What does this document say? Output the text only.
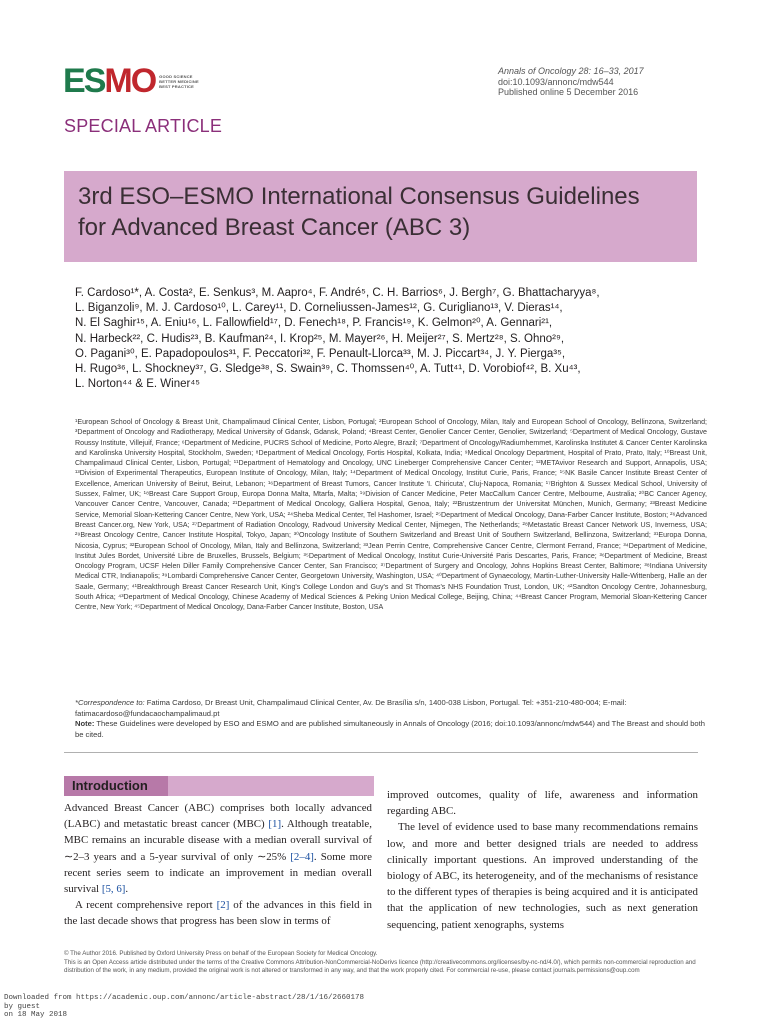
ESMO GOOD SCIENCE
BETTER MEDICINE
BEST PRACTICE
Annals of Oncology 28: 16–33, 2017
doi:10.1093/annonc/mdw544
Published online 5 December 2016
SPECIAL ARTICLE
3rd ESO–ESMO International Consensus Guidelines
for Advanced Breast Cancer (ABC 3)
F. Cardoso¹*, A. Costa², E. Senkus³, M. Aapro⁴, F. André⁵, C. H. Barrios⁶, J. Bergh⁷, G. Bhattacharyya⁸,
L. Biganzoli⁹, M. J. Cardoso¹⁰, L. Carey¹¹, D. Corneliussen-James¹², G. Curigliano¹³, V. Dieras¹⁴,
N. El Saghir¹⁵, A. Eniu¹⁶, L. Fallowfield¹⁷, D. Fenech¹⁸, P. Francis¹⁹, K. Gelmon²⁰, A. Gennari²¹,
N. Harbeck²², C. Hudis²³, B. Kaufman²⁴, I. Krop²⁵, M. Mayer²⁶, H. Meijer²⁷, S. Mertz²⁸, S. Ohno²⁹,
O. Pagani³⁰, E. Papadopoulos³¹, F. Peccatori³², F. Penault-Llorca³³, M. J. Piccart³⁴, J. Y. Pierga³⁵,
H. Rugo³⁶, L. Shockney³⁷, G. Sledge³⁸, S. Swain³⁹, C. Thomssen⁴⁰, A. Tutt⁴¹, D. Vorobiof⁴², B. Xu⁴³,
L. Norton⁴⁴ & E. Winer⁴⁵
¹European School of Oncology & Breast Unit, Champalimaud Clinical Center, Lisbon, Portugal; ²European School of Oncology, Milan, Italy and European School of Oncology, Bellinzona, Switzerland; ³Department of Oncology and Radiotherapy, Medical University of Gdansk, Gdansk, Poland; ⁴Breast Center, Genolier Cancer Center, Genolier, Switzerland; ⁵Department of Medical Oncology, Gustave Roussy Institute, Villejuif, France; ⁶Department of Medicine, PUCRS School of Medicine, Porto Alegre, Brazil; ⁷Department of Oncology/Radiumhemmet, Karolinska Institutet & Cancer Center Karolinska and Karolinska University Hospital, Stockholm, Sweden; ⁸Department of Medical Oncology, Fortis Hospital, Kolkata, India; ⁹Medical Oncology Department, Hospital of Prato, Prato, Italy; ¹⁰Breast Unit, Champalimaud Clinical Center, Lisbon, Portugal; ¹¹Department of Hematology and Oncology, UNC Lineberger Comprehensive Cancer Center; ¹²METAvivor Research and Support, Annapolis, USA; ¹³Division of Experimental Therapeutics, European Institute of Oncology, Milan, Italy; ¹⁴Department of Medical Oncology, Institut Curie, Paris, France; ¹⁵NK Basile Cancer Institute Breast Center of Excellence, American University of Beirut, Beirut, Lebanon; ¹⁶Department of Breast Tumors, Cancer Institute 'I. Chiricuta', Cluj-Napoca, Romania; ¹⁷Brighton & Sussex Medical School, University of Sussex, Falmer, UK; ¹⁸Breast Care Support Group, Europa Donna Malta, Mtarfa, Malta; ¹⁹Division of Cancer Medicine, Peter MacCallum Cancer Centre, Melbourne, Australia; ²⁰BC Cancer Agency, Vancouver Cancer Centre, Vancouver, Canada; ²¹Department of Medical Oncology, Galliera Hospital, Genoa, Italy; ²²Brustzentrum der Universitat München, Munich, Germany; ²³Breast Medicine Service, Memorial Sloan-Kettering Cancer Centre, New York, USA; ²⁴Sheba Medical Center, Tel Hashomer, Israel; ²⁵Department of Medical Oncology, Dana-Farber Cancer Institute, Boston; ²⁶Advanced Breast Cancer.org, New York, USA; ²⁷Department of Radiation Oncology, Radvoud University Medical Center, Nijmegen, The Netherlands; ²⁸Metastatic Breast Cancer Network US, Inverness, USA; ²⁹Breast Oncology Centre, Cancer Institute Hospital, Tokyo, Japan; ³⁰Oncology Institute of Southern Switzerland and Breast Unit of Southern Switzerland, Bellinzona, Switzerland; ³¹Europa Donna, Nicosia, Cyprus; ³²European School of Oncology, Milan, Italy and Bellinzona, Switzerland; ³³Jean Perrin Centre, Comprehensive Cancer Centre, Clermont Ferrand, France; ³⁴Department of Medicine, Institut Jules Bordet, Université Libre de Bruxelles, Brussels, Belgium; ³⁵Department of Medical Oncology, Institut Curie-Université Paris Descartes, Paris, France; ³⁶Department of Medicine, Breast Oncology Program, UCSF Helen Diller Family Comprehensive Cancer Center, San Francisco; ³⁷Department of Surgery and Oncology, Johns Hopkins Breast Center, Baltimore; ³⁸Indiana University Medical CTR, Indianapolis; ³⁹Lombardi Comprehensive Cancer Center, Georgetown University, Washington, USA; ⁴⁰Department of Gynaecology, Martin-Luther-University Halle-Wittenberg, Halle an der Saale, Germany; ⁴¹Breakthrough Breast Cancer Research Unit, King's College London and Guy's and St Thomas's NHS Foundation Trust, London, UK; ⁴²Sandton Oncology Centre, Johannesburg, South Africa; ⁴³Department of Medical Oncology, Chinese Academy of Medical Sciences & Peking Union Medical College, Beijing, China; ⁴⁴Breast Cancer Program, Memorial Sloan-Kettering Cancer Centre, New York; ⁴⁵Department of Medical Oncology, Dana-Farber Cancer Institute, Boston, USA
*Correspondence to: Fatima Cardoso, Dr Breast Unit, Champalimaud Clinical Center, Av. De Brasília s/n, 1400-038 Lisbon, Portugal. Tel: +351-210-480-004; E-mail: fatimacardoso@fundacaochampalimaud.pt
Note: These Guidelines were developed by ESO and ESMO and are published simultaneously in Annals of Oncology (2016; doi:10.1093/annonc/mdw544) and The Breast and should both be cited.
Introduction

Advanced Breast Cancer (ABC) comprises both locally advanced (LABC) and metastatic breast cancer (MBC) [1]. Although treatable, MBC remains an incurable disease with a median overall survival of ∼2–3 years and a 5-year survival of only ∼25% [2–4]. Some more recent series seem to indicate an improvement in median overall survival [5, 6].

A recent comprehensive report [2] of the advances in this field in the last decade shows that progress has been slow in terms of

improved outcomes, quality of life, awareness and information regarding ABC.

The level of evidence used to base many recommendations remains low, and more and better designed trials are needed to address clinically important questions. An improved understanding of the biology of ABC, its heterogeneity, and of the mechanisms of resistance to the different types of therapies is being acquired and it is anticipated that the application of new technologies, such as next generation sequencing, patient xenographs, systems

© The Author 2016. Published by Oxford University Press on behalf of the European Society for Medical Oncology.
This is an Open Access article distributed under the terms of the Creative Commons Attribution-NonCommercial-NoDerivs licence (http://creativecommons.org/licenses/by-nc-nd/4.0/), which permits non-commercial reproduction and distribution of the work, in any medium, provided the original work is not altered or transformed in any way, and that the work properly cited. For commercial re-use, please contact journals.permissions@oup.com
Downloaded from https://academic.oup.com/annonc/article-abstract/28/1/16/2660178
by guest
on 18 May 2018
